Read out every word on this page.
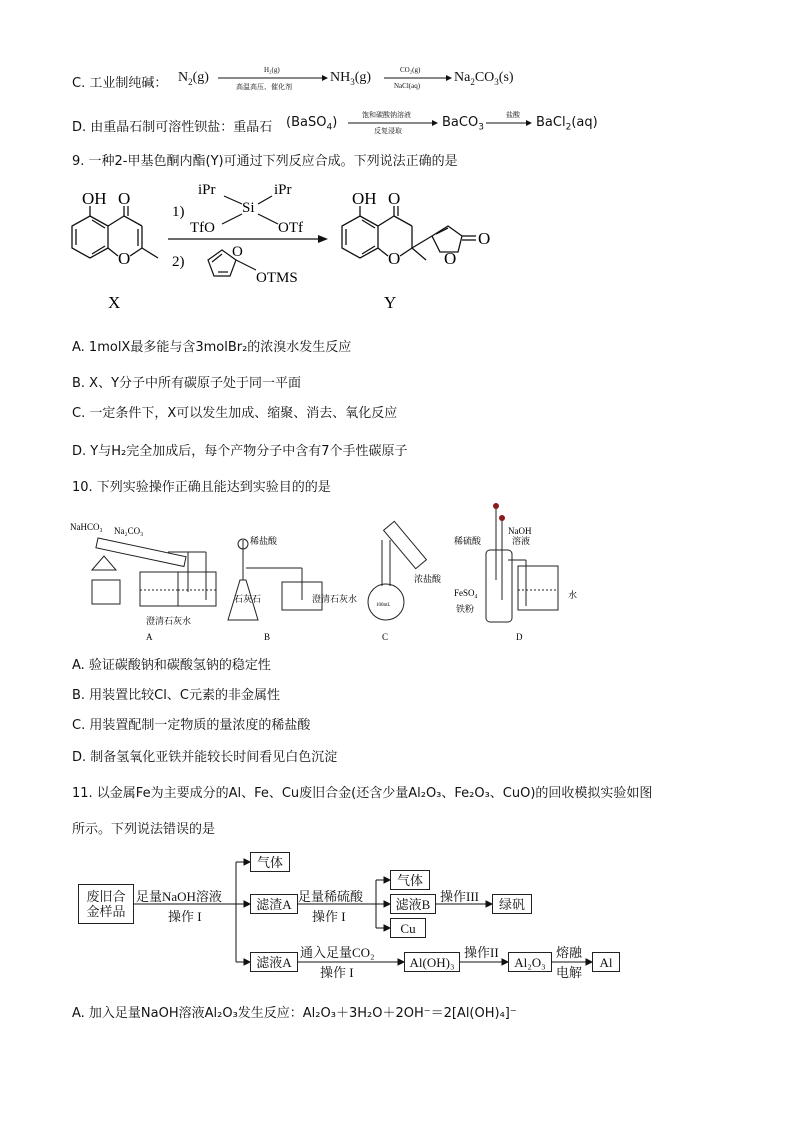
C. 工业制纯碱： $N_2(g)$	H₂(g)
高温高压、催化剂
$NH_3(g)$	CO₂(g)
NaCl(aq)
$Na_2CO_3(s)$
D. 由重晶石制可溶性钡盐：重晶石 (BaSO$_4$)	饱和碳酸钠溶液
反复浸取
BaCO$_3$
盐酸 BaCl$_2$(aq)
9. 一种2-甲基色酮内酯(Y)可通过下列反应合成。下列说法正确的是
OH O
O
X
1)
iPr	iPr
Si
TfO	OTf
2)
O
OTMS
OH O
O	O
O
Y
A. 1molX最多能与含3molBr₂的浓溴水发生反应
B. X、Y分子中所有碳原子处于同一平面
C. 一定条件下，X可以发生加成、缩聚、消去、氧化反应
D. Y与H₂完全加成后，每个产物分子中含有7个手性碳原子
10. 下列实验操作正确且能达到实验目的的是
NaHCO₃ Na₂CO₃
澄清石灰水
A
稀盐酸
石灰石	澄清石灰水
B
浓盐酸
100mL
C
NaOH
溶液
稀硫酸
FeSO₄
铁粉
水
D
A. 验证碳酸钠和碳酸氢钠的稳定性
B. 用装置比较Cl、C元素的非金属性
C. 用装置配制一定物质的量浓度的稀盐酸
D. 制备氢氧化亚铁并能较长时间看见白色沉淀
11. 以金属Fe为主要成分的Al、Fe、Cu废旧合金(还含少量Al₂O₃、Fe₂O₃、CuO)的回收模拟实验如图
所示。下列说法错误的是
废旧合金样品
气体
滤渣A
滤液A
气体
滤液B
Cu
绿矾
Al(OH)₃	Al₂O₃	Al
足量NaOH溶液
操作 I
足量稀硫酸
操作 I
操作III
通入足量CO₂
操作 I
操作II	熔融
电解
A. 加入足量NaOH溶液Al₂O₃发生反应：Al₂O₃＋3H₂O＋2OH⁻＝2[Al(OH)₄]⁻
